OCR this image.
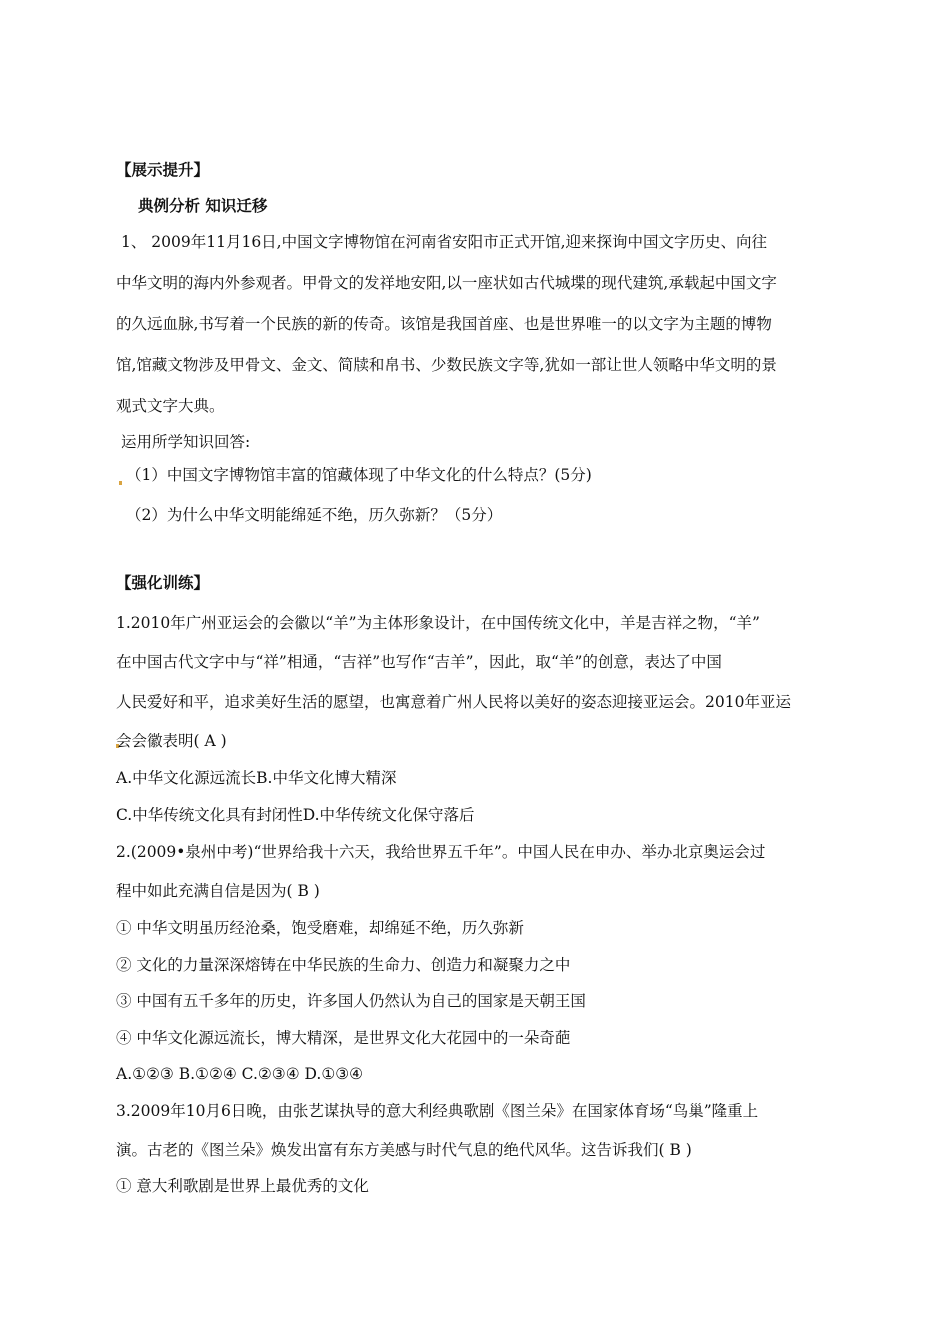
【展示提升】
典例分析 知识迁移
1、 2009年11月16日,中国文字博物馆在河南省安阳市正式开馆,迎来探询中国文字历史、向往
中华文明的海内外参观者。甲骨文的发祥地安阳,以一座状如古代城堞的现代建筑,承载起中国文字
的久远血脉,书写着一个民族的新的传奇。该馆是我国首座、也是世界唯一的以文字为主题的博物
馆,馆藏文物涉及甲骨文、金文、简牍和帛书、少数民族文字等,犹如一部让世人领略中华文明的景
观式文字大典。
运用所学知识回答:
（1）中国文字博物馆丰富的馆藏体现了中华文化的什么特点？(5分)
（2）为什么中华文明能绵延不绝，历久弥新？（5分）
【强化训练】
1.2010年广州亚运会的会徽以“羊”为主体形象设计，在中国传统文化中，羊是吉祥之物，“羊”
在中国古代文字中与“祥”相通，“吉祥”也写作“吉羊”，因此，取“羊”的创意，表达了中国
人民爱好和平，追求美好生活的愿望，也寓意着广州人民将以美好的姿态迎接亚运会。2010年亚运
会会徽表明( A )
A.中华文化源远流长B.中华文化博大精深
C.中华传统文化具有封闭性D.中华传统文化保守落后
2.(2009•泉州中考)“世界给我十六天，我给世界五千年”。中国人民在申办、举办北京奥运会过
程中如此充满自信是因为( B )
① 中华文明虽历经沧桑，饱受磨难，却绵延不绝，历久弥新
② 文化的力量深深熔铸在中华民族的生命力、创造力和凝聚力之中
③ 中国有五千多年的历史，许多国人仍然认为自己的国家是天朝王国
④ 中华文化源远流长，博大精深，是世界文化大花园中的一朵奇葩
A.①②③ B.①②④ C.②③④ D.①③④
3.2009年10月6日晚，由张艺谋执导的意大利经典歌剧《图兰朵》在国家体育场“鸟巢”隆重上
演。古老的《图兰朵》焕发出富有东方美感与时代气息的绝代风华。这告诉我们( B )
① 意大利歌剧是世界上最优秀的文化
